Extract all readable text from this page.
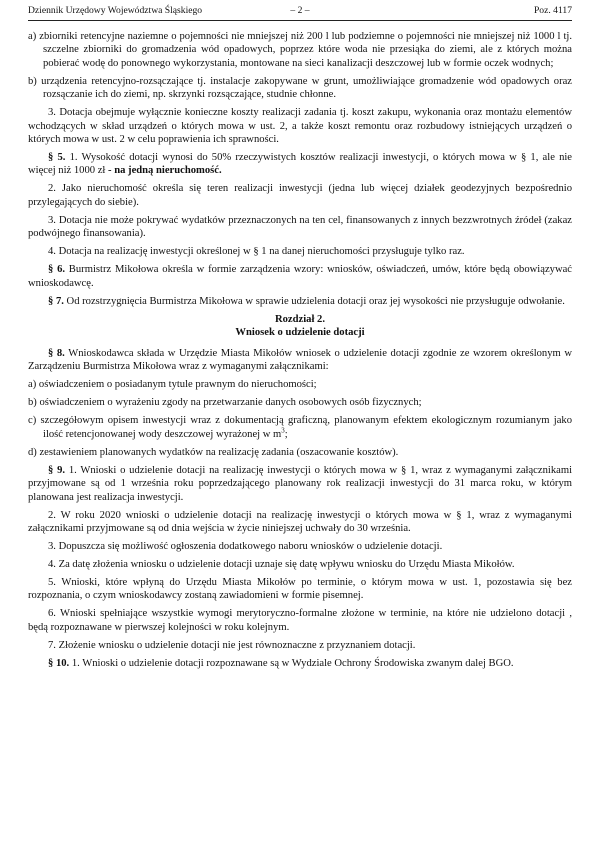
Dziennik Urzędowy Województwa Śląskiego	– 2 –	Poz. 4117

a) zbiorniki retencyjne naziemne o pojemności nie mniejszej niż 200 l lub podziemne o pojemności nie mniejszej niż 1000 l tj. szczelne zbiorniki do gromadzenia wód opadowych, poprzez które woda nie przesiąka do ziemi, ale z których można pobierać wodę do ponownego wykorzystania, montowane na sieci kanalizacji deszczowej lub w formie oczek wodnych;

b) urządzenia retencyjno-rozsączające tj. instalacje zakopywane w grunt, umożliwiające gromadzenie wód opadowych oraz rozsączanie ich do ziemi, np. skrzynki rozsączające, studnie chłonne.

3. Dotacja obejmuje wyłącznie konieczne koszty realizacji zadania tj. koszt zakupu, wykonania oraz montażu elementów wchodzących w skład urządzeń o których mowa w ust. 2, a także koszt remontu oraz rozbudowy istniejących urządzeń o których mowa w ust. 2 w celu poprawienia ich sprawności.

§ 5. 1. Wysokość dotacji wynosi do 50% rzeczywistych kosztów realizacji inwestycji, o których mowa w § 1, ale nie więcej niż 1000 zł - na jedną nieruchomość.

2. Jako nieruchomość określa się teren realizacji inwestycji (jedna lub więcej działek geodezyjnych bezpośrednio przylegających do siebie).

3. Dotacja nie może pokrywać wydatków przeznaczonych na ten cel, finansowanych z innych bezzwrotnych źródeł (zakaz podwójnego finansowania).

4. Dotacja na realizację inwestycji określonej w § 1 na danej nieruchomości przysługuje tylko raz.

§ 6. Burmistrz Mikołowa określa w formie zarządzenia wzory: wniosków, oświadczeń, umów, które będą obowiązywać wnioskodawcę.

§ 7. Od rozstrzygnięcia Burmistrza Mikołowa w sprawie udzielenia dotacji oraz jej wysokości nie przysługuje odwołanie.

Rozdział 2.
Wniosek o udzielenie dotacji

§ 8. Wnioskodawca składa w Urzędzie Miasta Mikołów wniosek o udzielenie dotacji zgodnie ze wzorem określonym w Zarządzeniu Burmistrza Mikołowa wraz z wymaganymi załącznikami:

a) oświadczeniem o posiadanym tytule prawnym do nieruchomości;

b) oświadczeniem o wyrażeniu zgody na przetwarzanie danych osobowych osób fizycznych;

c) szczegółowym opisem inwestycji wraz z dokumentacją graficzną, planowanym efektem ekologicznym rozumianym jako ilość retencjonowanej wody deszczowej wyrażonej w $m^3$;

d) zestawieniem planowanych wydatków na realizację zadania (oszacowanie kosztów).

§ 9. 1. Wnioski o udzielenie dotacji na realizację inwestycji o których mowa w § 1, wraz z wymaganymi załącznikami przyjmowane są od 1 września roku poprzedzającego planowany rok realizacji inwestycji do 31 marca roku, w którym planowana jest realizacja inwestycji.

2. W roku 2020 wnioski o udzielenie dotacji na realizację inwestycji o których mowa w § 1, wraz z wymaganymi załącznikami przyjmowane są od dnia wejścia w życie niniejszej uchwały do 30 września.

3. Dopuszcza się możliwość ogłoszenia dodatkowego naboru wniosków o udzielenie dotacji.

4. Za datę złożenia wniosku o udzielenie dotacji uznaje się datę wpływu wniosku do Urzędu Miasta Mikołów.

5. Wnioski, które wpłyną do Urzędu Miasta Mikołów po terminie, o którym mowa w ust. 1, pozostawia się bez rozpoznania, o czym wnioskodawcy zostaną zawiadomieni w formie pisemnej.

6. Wnioski spełniające wszystkie wymogi merytoryczno-formalne złożone w terminie, na które nie udzielono dotacji , będą rozpoznawane w pierwszej kolejności w roku kolejnym.

7. Złożenie wniosku o udzielenie dotacji nie jest równoznaczne z przyznaniem dotacji.

§ 10. 1. Wnioski o udzielenie dotacji rozpoznawane są w Wydziale Ochrony Środowiska zwanym dalej BGO.
